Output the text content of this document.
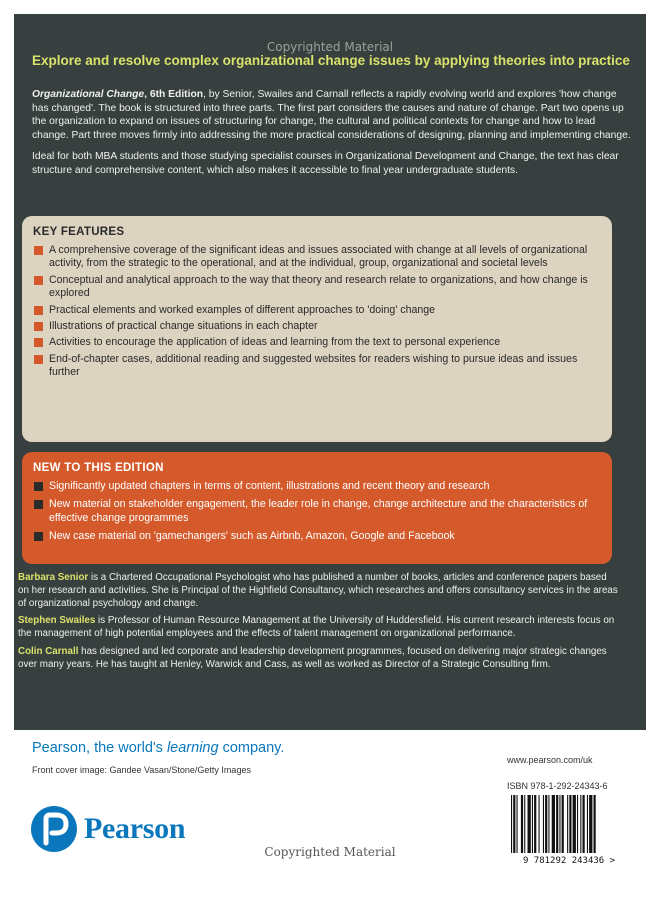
Copyrighted Material
Explore and resolve complex organizational change issues by applying theories into practice

Organizational Change, 6th Edition, by Senior, Swailes and Carnall reflects a rapidly evolving world and explores 'how change has changed'. The book is structured into three parts. The first part considers the causes and nature of change. Part two opens up the organization to expand on issues of structuring for change, the cultural and political contexts for change and how to lead change. Part three moves firmly into addressing the more practical considerations of designing, planning and implementing change.

Ideal for both MBA students and those studying specialist courses in Organizational Development and Change, the text has clear structure and comprehensive content, which also makes it accessible to final year undergraduate students.

KEY FEATURES
A comprehensive coverage of the significant ideas and issues associated with change at all levels of organizational activity, from the strategic to the operational, and at the individual, group, organizational and societal levels
Conceptual and analytical approach to the way that theory and research relate to organizations, and how change is explored
Practical elements and worked examples of different approaches to 'doing' change
Illustrations of practical change situations in each chapter
Activities to encourage the application of ideas and learning from the text to personal experience
End-of-chapter cases, additional reading and suggested websites for readers wishing to pursue ideas and issues further
NEW TO THIS EDITION
Significantly updated chapters in terms of content, illustrations and recent theory and research
New material on stakeholder engagement, the leader role in change, change architecture and the characteristics of effective change programmes
New case material on 'gamechangers' such as Airbnb, Amazon, Google and Facebook

Barbara Senior is a Chartered Occupational Psychologist who has published a number of books, articles and conference papers based on her research and activities. She is Principal of the Highfield Consultancy, which researches and offers consultancy services in the areas of organizational psychology and change.

Stephen Swailes is Professor of Human Resource Management at the University of Huddersfield. His current research interests focus on the management of high potential employees and the effects of talent management on organizational performance.

Colin Carnall has designed and led corporate and leadership development programmes, focused on delivering major strategic changes over many years. He has taught at Henley, Warwick and Cass, as well as worked as Director of a Strategic Consulting firm.

Pearson, the world's learning company.
Front cover image: Gandee Vasan/Stone/Getty Images
www.pearson.com/uk
ISBN 978-1-292-24343-6
9 781292 243436 >
Pearson
Copyrighted Material
